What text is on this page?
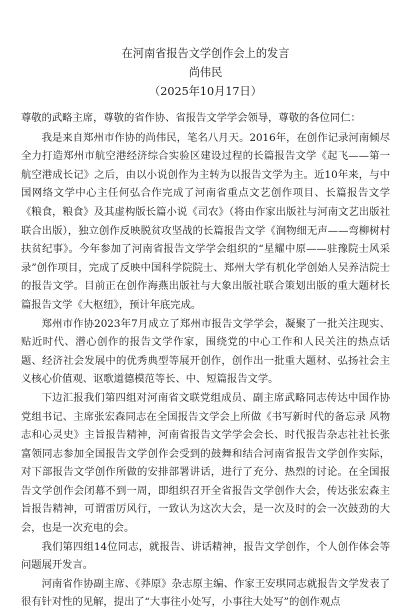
在河南省报告文学创作会上的发言
尚伟民
（2025年10月17日）

尊敬的武略主席，尊敬的省作协、省报告文学学会领导，尊敬的各位同仁：

我是来自郑州市作协的尚伟民，笔名八月天。2016年，在创作记录河南倾尽全力打造郑州市航空港经济综合实验区建设过程的长篇报告文学《起飞——第一航空港成长记》之后，由以小说创作为主转为以报告文学为主。近10年来，与中国网络文学中心主任何弘合作完成了河南省重点文艺创作项目、长篇报告文学《粮食，粮食》及其虚构版长篇小说《司农》（将由作家出版社与河南文艺出版社联合出版），独立创作反映脱贫攻坚战的长篇报告文学《润物细无声——弯柳树村扶贫纪事》。今年参加了河南省报告文学学会组织的“星耀中原——驻豫院士风采录”创作项目，完成了反映中国科学院院士、郑州大学有机化学创始人吴养洁院士的报告文学。目前正在创作海燕出版社与大象出版社联合策划出版的重大题材长篇报告文学《大枢纽》，预计年底完成。

郑州市作协2023年7月成立了郑州市报告文学学会，凝聚了一批关注现实、贴近时代、潜心创作的报告文学作家，围绕党的中心工作和人民关注的热点话题、经济社会发展中的优秀典型等展开创作，创作出一批重大题材、弘扬社会主义核心价值观、讴歌道德模范等长、中、短篇报告文学。

下边汇报我们第四组对河南省文联党组成员、副主席武略同志传达中国作协党组书记、主席张宏森同志在全国报告文学会上所做《书写新时代的备忘录 风物志和心灵史》主旨报告精神，河南省报告文学学会会长、时代报告杂志社社长张富领同志参加全国报告文学创作会受到的鼓舞和结合河南省报告文学创作实际，对下部报告文学创作所做的安排部署讲话，进行了充分、热烈的讨论。在全国报告文学创作会闭幕不到一周，即组织召开全省报告文学创作大会，传达张宏森主旨报告精神，可谓雷厉风行，一致认为这次大会，是一次及时的会一次鼓劲的大会，也是一次充电的会。

我们第四组14位同志，就报告、讲话精神，报告文学创作，个人创作体会等问题展开发言。

河南省作协副主席、《莽原》杂志原主编、作家王安琪同志就报告文学发表了很有针对性的见解，提出了“大事往小处写，小事往大处写”的创作观点
